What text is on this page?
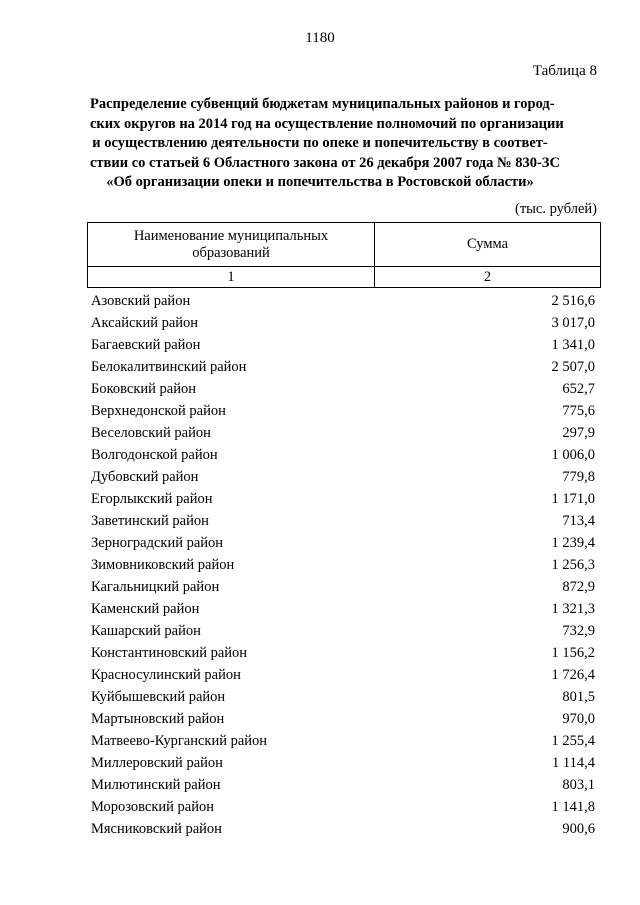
1180
Таблица 8
Распределение субвенций бюджетам муниципальных районов и город-
ских округов на 2014 год на осуществление полномочий по организации
и осуществлению деятельности по опеке и попечительству в соответ-
ствии со статьей 6 Областного закона от 26 декабря 2007 года № 830-ЗС
«Об организации опеки и попечительства в Ростовской области»
(тыс. рублей)
Наименование муниципальных
образований	Сумма
1	2
Азовский район	2 516,6
Аксайский район	3 017,0
Багаевский район	1 341,0
Белокалитвинский район	2 507,0
Боковский район	652,7
Верхнедонской район	775,6
Веселовский район	297,9
Волгодонской район	1 006,0
Дубовский район	779,8
Егорлыкский район	1 171,0
Заветинский район	713,4
Зерноградский район	1 239,4
Зимовниковский район	1 256,3
Кагальницкий район	872,9
Каменский район	1 321,3
Кашарский район	732,9
Константиновский район	1 156,2
Красносулинский район	1 726,4
Куйбышевский район	801,5
Мартыновский район	970,0
Матвеево-Курганский район	1 255,4
Миллеровский район	1 114,4
Милютинский район	803,1
Морозовский район	1 141,8
Мясниковский район	900,6
